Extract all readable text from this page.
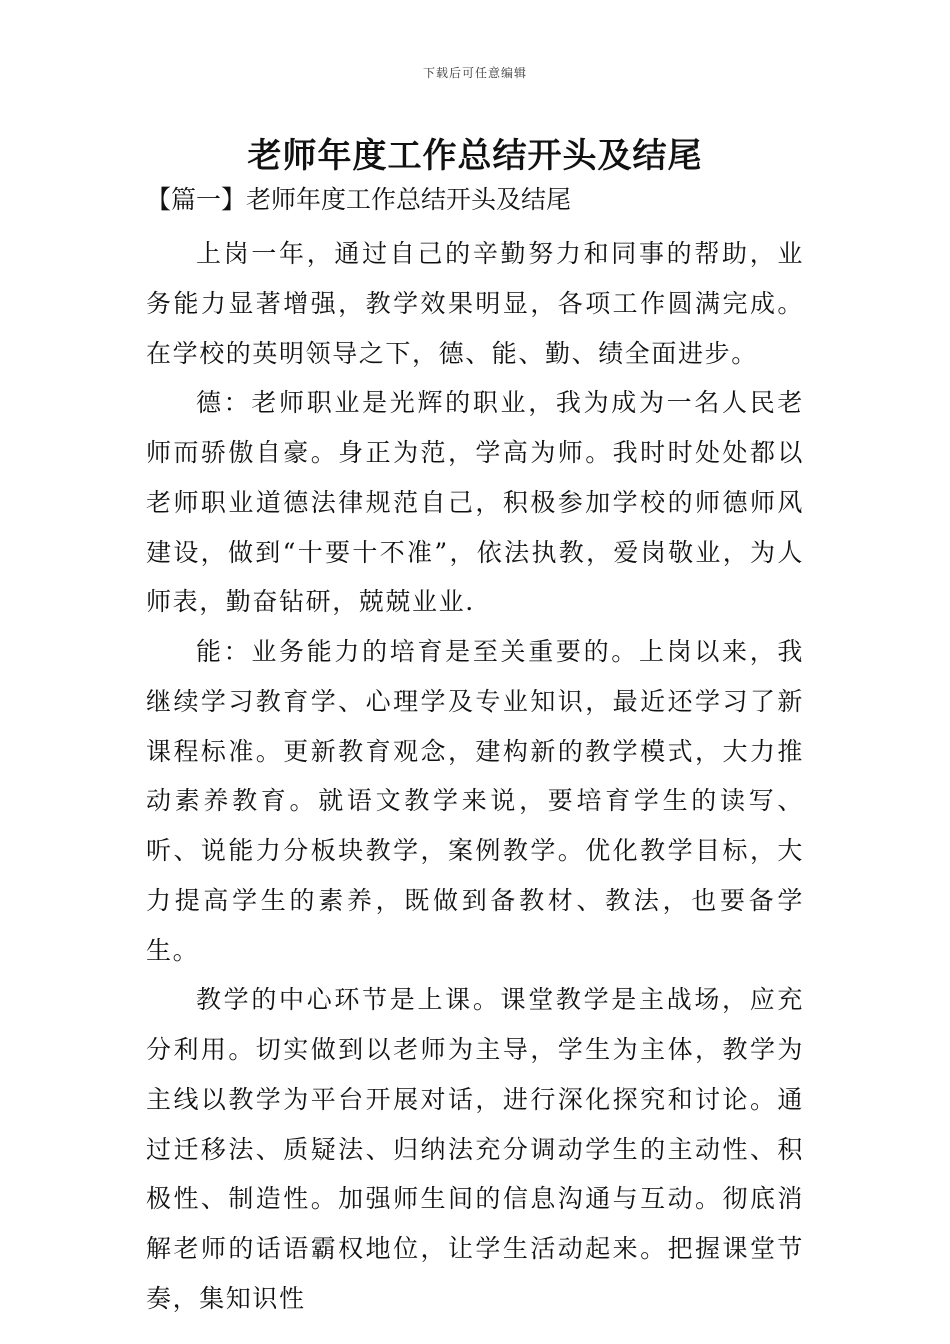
下载后可任意编辑
老师年度工作总结开头及结尾
【篇一】老师年度工作总结开头及结尾

上岗一年，通过自己的辛勤努力和同事的帮助，业务能力显著增强，教学效果明显，各项工作圆满完成。在学校的英明领导之下，德、能、勤、绩全面进步。

德：老师职业是光辉的职业，我为成为一名人民老师而骄傲自豪。身正为范，学高为师。我时时处处都以老师职业道德法律规范自己，积极参加学校的师德师风建设，做到“十要十不准”，依法执教，爱岗敬业，为人师表，勤奋钻研，兢兢业业.

能：业务能力的培育是至关重要的。上岗以来，我继续学习教育学、心理学及专业知识，最近还学习了新课程标准。更新教育观念，建构新的教学模式，大力推动素养教育。就语文教学来说，要培育学生的读写、听、说能力分板块教学，案例教学。优化教学目标，大力提高学生的素养，既做到备教材、教法，也要备学生。

教学的中心环节是上课。课堂教学是主战场，应充分利用。切实做到以老师为主导，学生为主体，教学为主线以教学为平台开展对话，进行深化探究和讨论。通过迁移法、质疑法、归纳法充分调动学生的主动性、积极性、制造性。加强师生间的信息沟通与互动。彻底消解老师的话语霸权地位，让学生活动起来。把握课堂节奏，集知识性
